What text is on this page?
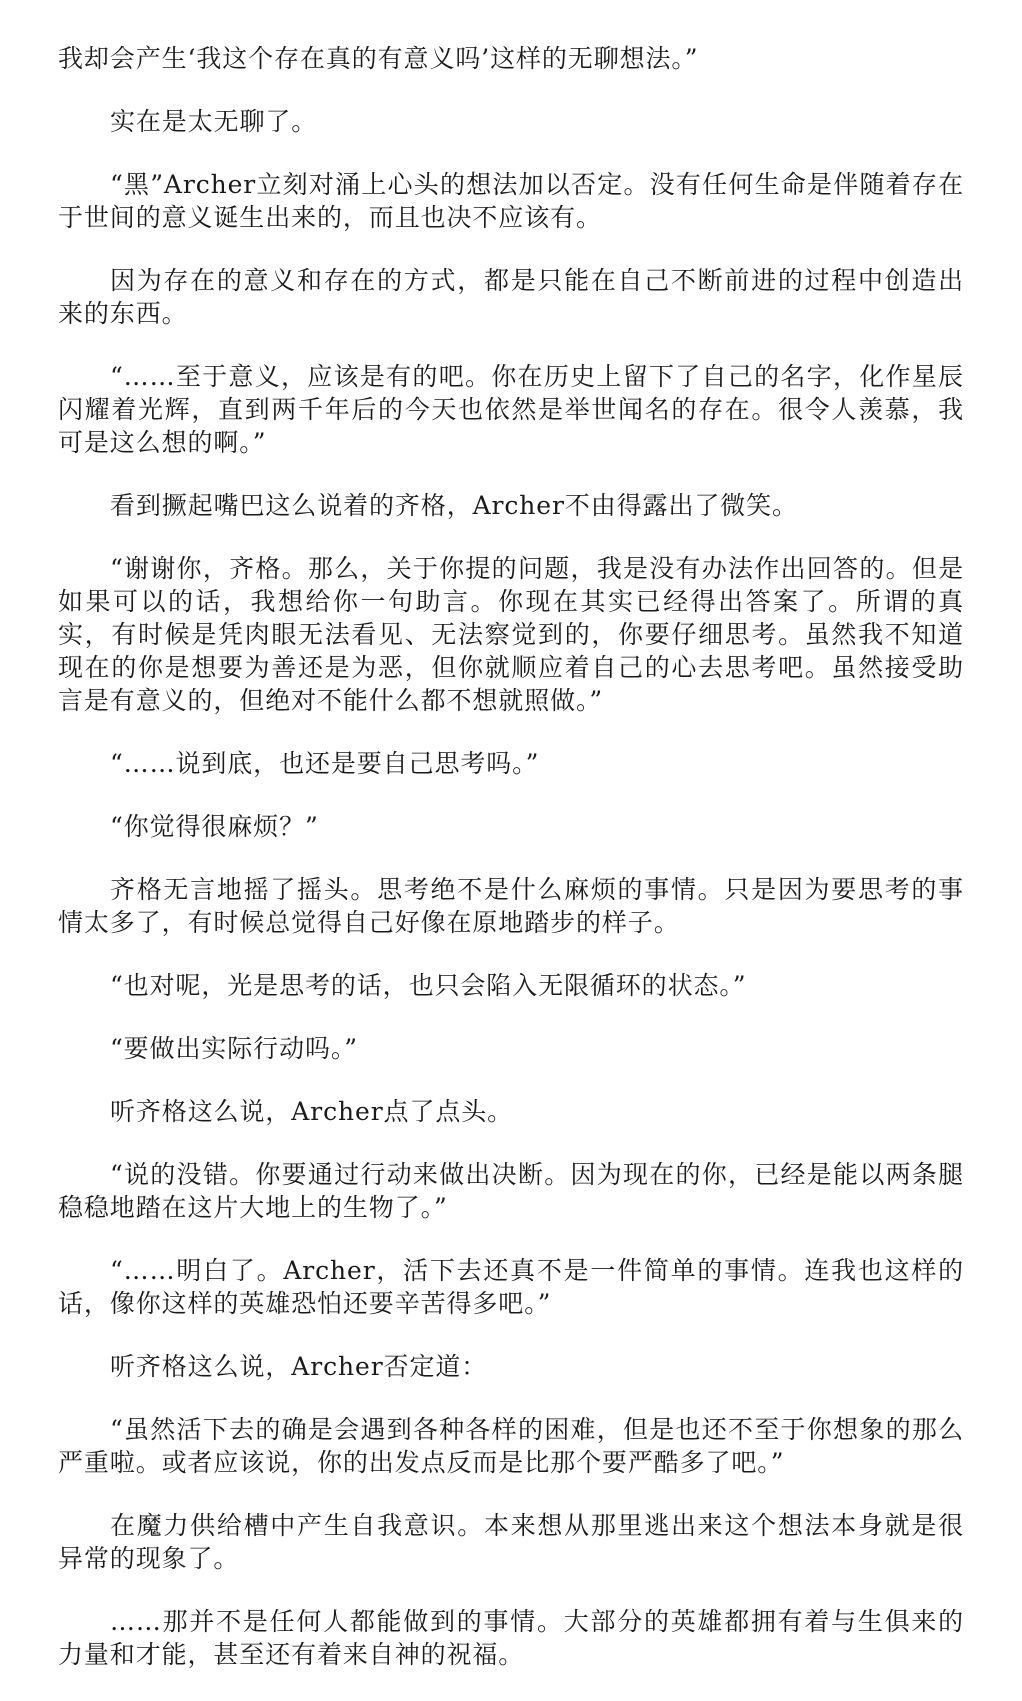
我却会产生‘我这个存在真的有意义吗’这样的无聊想法。”

实在是太无聊了。

“黑”Archer立刻对涌上心头的想法加以否定。没有任何生命是伴随着存在于世间的意义诞生出来的，而且也决不应该有。

因为存在的意义和存在的方式，都是只能在自己不断前进的过程中创造出来的东西。

“……至于意义，应该是有的吧。你在历史上留下了自己的名字，化作星辰闪耀着光辉，直到两千年后的今天也依然是举世闻名的存在。很令人羡慕，我可是这么想的啊。”

看到撅起嘴巴这么说着的齐格，Archer不由得露出了微笑。

“谢谢你，齐格。那么，关于你提的问题，我是没有办法作出回答的。但是如果可以的话，我想给你一句助言。你现在其实已经得出答案了。所谓的真实，有时候是凭肉眼无法看见、无法察觉到的，你要仔细思考。虽然我不知道现在的你是想要为善还是为恶，但你就顺应着自己的心去思考吧。虽然接受助言是有意义的，但绝对不能什么都不想就照做。”

“……说到底，也还是要自己思考吗。”

“你觉得很麻烦？”

齐格无言地摇了摇头。思考绝不是什么麻烦的事情。只是因为要思考的事情太多了，有时候总觉得自己好像在原地踏步的样子。

“也对呢，光是思考的话，也只会陷入无限循环的状态。”

“要做出实际行动吗。”

听齐格这么说，Archer点了点头。

“说的没错。你要通过行动来做出决断。因为现在的你，已经是能以两条腿稳稳地踏在这片大地上的生物了。”

“……明白了。Archer，活下去还真不是一件简单的事情。连我也这样的话，像你这样的英雄恐怕还要辛苦得多吧。”

听齐格这么说，Archer否定道：

“虽然活下去的确是会遇到各种各样的困难，但是也还不至于你想象的那么严重啦。或者应该说，你的出发点反而是比那个要严酷多了吧。”

在魔力供给槽中产生自我意识。本来想从那里逃出来这个想法本身就是很异常的现象了。

……那并不是任何人都能做到的事情。大部分的英雄都拥有着与生俱来的力量和才能，甚至还有着来自神的祝福。
